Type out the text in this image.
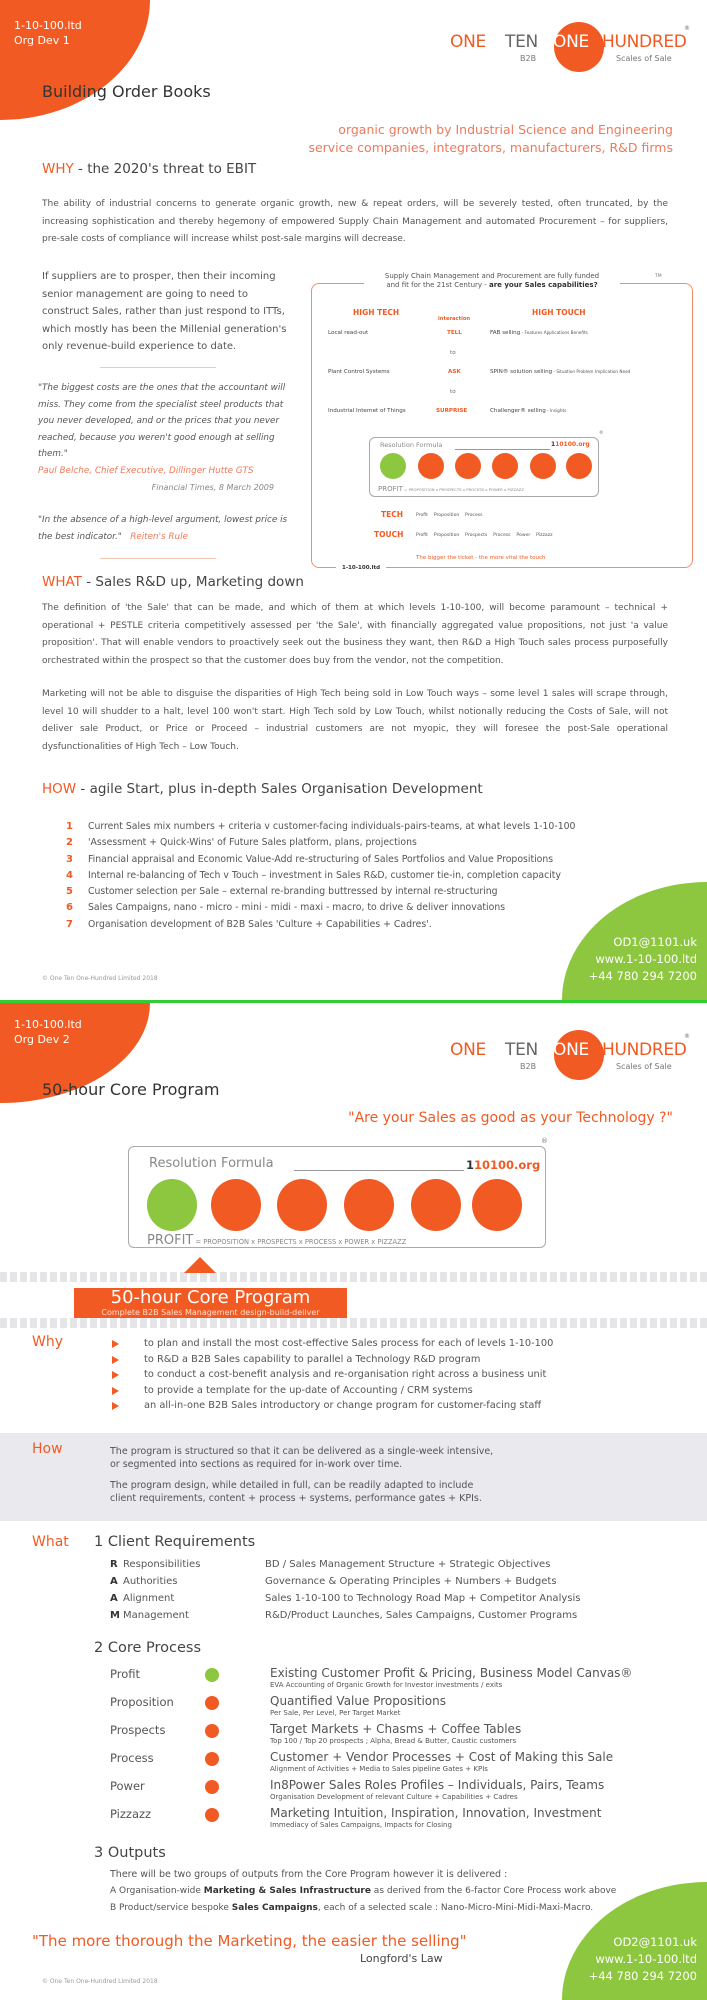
1-10-100.ltd
Org Dev 1	ONE TEN ONE HUNDRED
®
B2B	Scales of Sale
Building Order Books
organic growth by Industrial Science and Engineering
service companies, integrators, manufacturers, R&D firms
WHY - the 2020's threat to EBIT
The ability of industrial concerns to generate organic growth, new & repeat orders, will be severely tested, often truncated, by the increasing sophistication and thereby hegemony of empowered Supply Chain Management and automated Procurement – for suppliers, pre-sale costs of compliance will increase whilst post-sale margins will decrease.
If suppliers are to prosper, then their incoming senior management are going to need to construct Sales, rather than just respond to ITTs, which mostly has been the Millenial generation's only revenue-build experience to date.
"The biggest costs are the ones that the accountant will miss. They come from the specialist steel products that you never developed, and or the prices that you never reached, because you weren't good enough at selling them."
Paul Belche, Chief Executive, Dillinger Hutte GTS
Financial Times, 8 March 2009
"In the absence of a high-level argument, lowest price is the best indicator." Reiten's Rule
Supply Chain Management and Procurement are fully funded
and fit for the 21st Century - are your Sales capabilities?
TM
HIGH TECH
interaction
HIGH TOUCH
Local read-out	TELL	FAB selling - Features Applications Benefits
to
Plant Control Systems	ASK	SPIN® solution selling - Situation Problem Implication Need
to
Industrial Internet of Things	SURPRISE	Challenger® selling - Insights
Resolution Formula	110100.org
PROFIT = PROPOSITION x PROSPECTS x PROCESS x POWER x PIZZAZZ
®
TECH	Profit    Proposition    Process
TOUCH	Profit    Proposition    Prospects    Process    Power    Pizzazz
The bigger the ticket - the more vital the touch
1-10-100.ltd
WHAT - Sales R&D up, Marketing down
The definition of 'the Sale' that can be made, and which of them at which levels 1-10-100, will become paramount – technical + operational + PESTLE criteria competitively assessed per 'the Sale', with financially aggregated value propositions, not just 'a value proposition'. That will enable vendors to proactively seek out the business they want, then R&D a High Touch sales process purposefully orchestrated within the prospect so that the customer does buy from the vendor, not the competition.
Marketing will not be able to disguise the disparities of High Tech being sold in Low Touch ways – some level 1 sales will scrape through, level 10 will shudder to a halt, level 100 won't start. High Tech sold by Low Touch, whilst notionally reducing the Costs of Sale, will not deliver sale Product, or Price or Proceed – industrial customers are not myopic, they will foresee the post-Sale operational dysfunctionalities of High Tech – Low Touch.
HOW - agile Start, plus in-depth Sales Organisation Development
1 Current Sales mix numbers + criteria v customer-facing individuals-pairs-teams, at what levels 1-10-100
2 'Assessment + Quick-Wins' of Future Sales platform, plans, projections
3 Financial appraisal and Economic Value-Add re-structuring of Sales Portfolios and Value Propositions
4 Internal re-balancing of Tech v Touch – investment in Sales R&D, customer tie-in, completion capacity
5 Customer selection per Sale – external re-branding buttressed by internal re-structuring
6 Sales Campaigns, nano - micro - mini - midi - maxi - macro, to drive & deliver innovations
7 Organisation development of B2B Sales 'Culture + Capabilities + Cadres'.
© One Ten One-Hundred Limited 2018
OD1@1101.uk
www.1-10-100.ltd
+44 780 294 7200
1-10-100.ltd
Org Dev 2
ONE TEN ONE HUNDRED
®
B2B	Scales of Sale
50-hour Core Program
"Are your Sales as good as your Technology ?"
Resolution Formula	110100.org
PROFIT = PROPOSITION x PROSPECTS x PROCESS x POWER x PIZZAZZ
®
50-hour Core Program
Complete B2B Sales Management design-build-deliver
Why	to plan and install the most cost-effective Sales process for each of levels 1-10-100
to R&D a B2B Sales capability to parallel a Technology R&D program
to conduct a cost-benefit analysis and re-organisation right across a business unit
to provide a template for the up-date of Accounting / CRM systems
an all-in-one B2B Sales introductory or change program for customer-facing staff
How	The program is structured so that it can be delivered as a single-week intensive,
or segmented into sections as required for in-work over time.
The program design, while detailed in full, can be readily adapted to include
client requirements, content + process + systems, performance gates + KPIs.
What 1 Client Requirements
R Responsibilities	BD / Sales Management Structure + Strategic Objectives
A Authorities	Governance & Operating Principles + Numbers + Budgets
A Alignment	Sales 1-10-100 to Technology Road Map + Competitor Analysis
M Management	R&D/Product Launches, Sales Campaigns, Customer Programs
2 Core Process
Profit	Existing Customer Profit & Pricing, Business Model Canvas®
EVA Accounting of Organic Growth for Investor investments / exits
Proposition	Quantified Value Propositions
Per Sale, Per Level, Per Target Market
Prospects	Target Markets + Chasms + Coffee Tables
Top 100 / Top 20 prospects ; Alpha, Bread & Butter, Caustic customers
Process	Customer + Vendor Processes + Cost of Making this Sale
Alignment of Activities + Media to Sales pipeline Gates + KPIs
Power	In8Power Sales Roles Profiles – Individuals, Pairs, Teams
Organisation Development of relevant Culture + Capabilities + Cadres
Pizzazz	Marketing Intuition, Inspiration, Innovation, Investment
Immediacy of Sales Campaigns, Impacts for Closing
3 Outputs
There will be two groups of outputs from the Core Program however it is delivered :
A Organisation-wide Marketing & Sales Infrastructure as derived from the 6-factor Core Process work above
B Product/service bespoke Sales Campaigns, each of a selected scale : Nano-Micro-Mini-Midi-Maxi-Macro.
"The more thorough the Marketing, the easier the selling"
Longford's Law
© One Ten One-Hundred Limited 2018
OD2@1101.uk
www.1-10-100.ltd
+44 780 294 7200
